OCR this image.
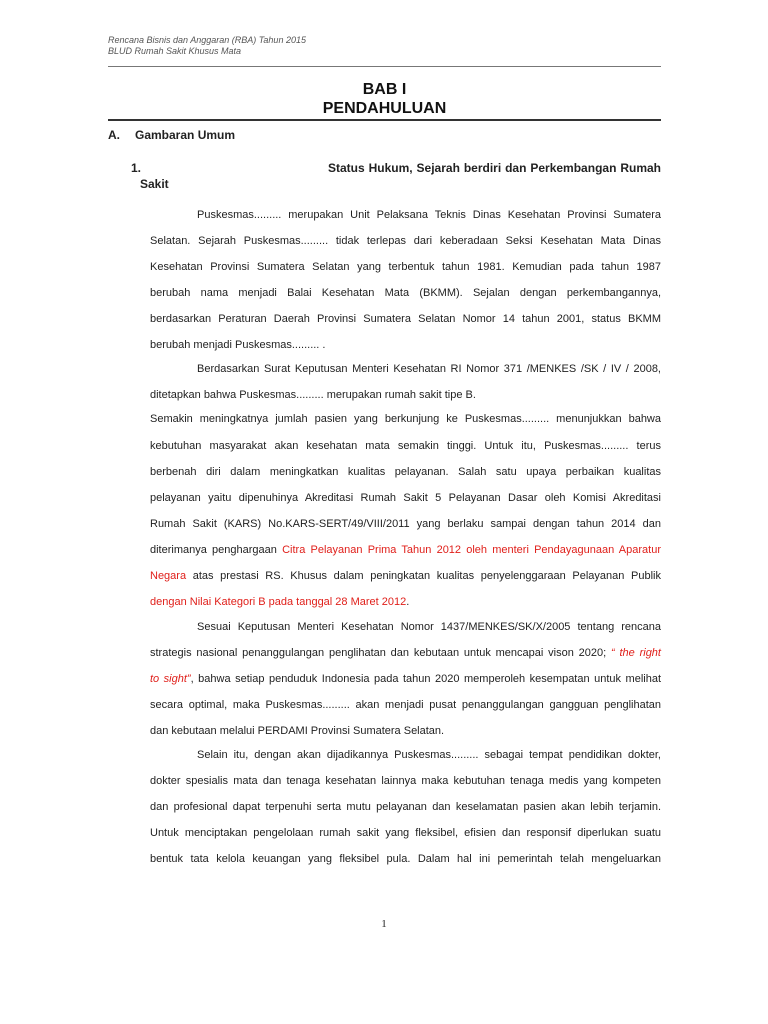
Rencana Bisnis dan Anggaran (RBA) Tahun 2015
BLUD Rumah Sakit Khusus Mata
BAB I
PENDAHULUAN
A. Gambaran Umum
1.	Status Hukum, Sejarah berdiri dan Perkembangan Rumah Sakit
Puskesmas......... merupakan Unit Pelaksana Teknis Dinas Kesehatan Provinsi Sumatera
Selatan. Sejarah Puskesmas......... tidak terlepas dari keberadaan Seksi Kesehatan Mata Dinas
Kesehatan Provinsi Sumatera Selatan yang terbentuk tahun 1981. Kemudian pada tahun 1987
berubah nama menjadi Balai Kesehatan Mata (BKMM). Sejalan dengan perkembangannya,
berdasarkan Peraturan Daerah Provinsi Sumatera Selatan Nomor 14 tahun 2001, status BKMM
berubah menjadi Puskesmas......... .
Berdasarkan Surat Keputusan Menteri Kesehatan RI Nomor 371 /MENKES /SK / IV / 2008,
ditetapkan bahwa Puskesmas......... merupakan rumah sakit tipe B.
Semakin meningkatnya jumlah pasien yang berkunjung ke Puskesmas......... menunjukkan bahwa
kebutuhan masyarakat akan kesehatan mata semakin tinggi. Untuk itu, Puskesmas......... terus
berbenah diri dalam meningkatkan kualitas pelayanan. Salah satu upaya perbaikan kualitas
pelayanan yaitu dipenuhinya Akreditasi Rumah Sakit 5 Pelayanan Dasar oleh Komisi Akreditasi
Rumah Sakit (KARS) No.KARS-SERT/49/VIII/2011 yang berlaku sampai dengan tahun 2014 dan
diterimanya penghargaan Citra Pelayanan Prima Tahun 2012 oleh menteri Pendayagunaan Aparatur
Negara atas prestasi RS. Khusus dalam peningkatan kualitas penyelenggaraan Pelayanan Publik
dengan Nilai Kategori B pada tanggal 28 Maret 2012.
Sesuai Keputusan Menteri Kesehatan Nomor 1437/MENKES/SK/X/2005 tentang rencana
strategis nasional penanggulangan penglihatan dan kebutaan untuk mencapai vison 2020; “ the right
to sight”, bahwa setiap penduduk Indonesia pada tahun 2020 memperoleh kesempatan untuk melihat
secara optimal, maka Puskesmas......... akan menjadi pusat penanggulangan gangguan penglihatan
dan kebutaan melalui PERDAMI Provinsi Sumatera Selatan.
Selain itu, dengan akan dijadikannya Puskesmas......... sebagai tempat pendidikan dokter,
dokter spesialis mata dan tenaga kesehatan lainnya maka kebutuhan tenaga medis yang kompeten
dan profesional dapat terpenuhi serta mutu pelayanan dan keselamatan pasien akan lebih terjamin.
Untuk menciptakan pengelolaan rumah sakit yang fleksibel, efisien dan responsif diperlukan suatu
bentuk tata kelola keuangan yang fleksibel pula. Dalam hal ini pemerintah telah mengeluarkan
1
